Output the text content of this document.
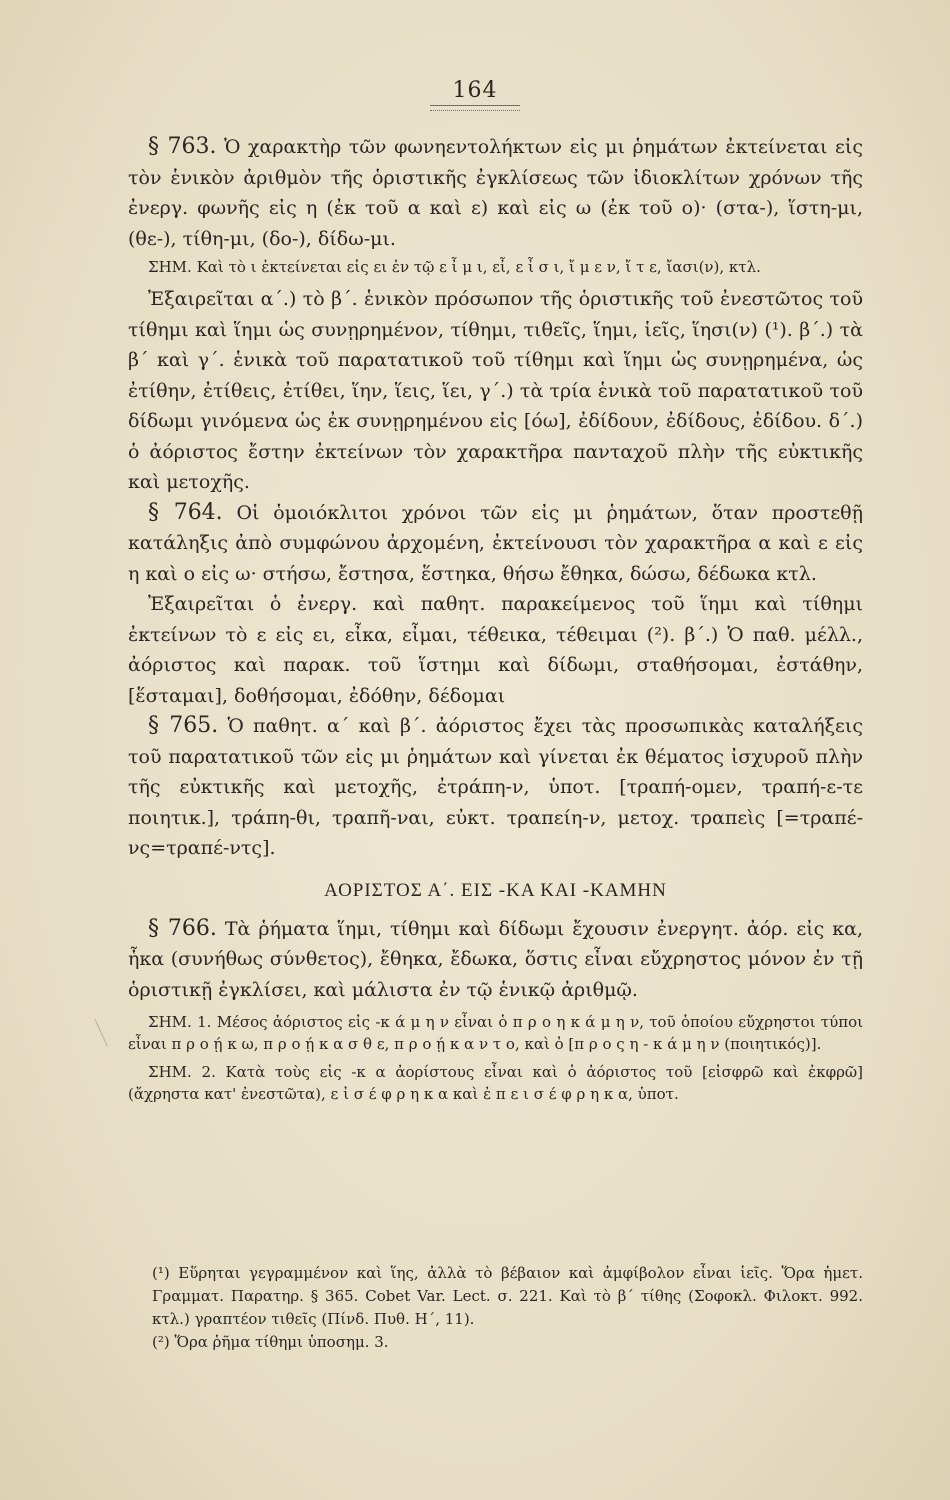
164

§ 763. Ὁ χαρακτὴρ τῶν φωνηεντολήκτων εἰς μι ῥημάτων ἐκτείνεται εἰς τὸν ἑνικὸν ἀριθμὸν τῆς ὁριστικῆς ἐγκλίσεως τῶν ἰδιοκλίτων χρόνων τῆς ἐνεργ. φωνῆς εἰς η (ἐκ τοῦ α καὶ ε) καὶ εἰς ω (ἐκ τοῦ ο)· (στα-), ἵστη-μι, (θε-), τίθη-μι, (δο-), δίδω-μι.

ΣΗΜ. Καὶ τὸ ι ἐκτείνεται εἰς ει ἐν τῷ ε ἶ μ ι, εἶ, ε ἶ σ ι, ἴ μ ε ν, ἴ τ ε, ἴασι(ν), κτλ.

Ἐξαιρεῖται α΄.) τὸ β΄. ἑνικὸν πρόσωπον τῆς ὁριστικῆς τοῦ ἐνεστῶτος τοῦ τίθημι καὶ ἵημι ὡς συνῃρημένον, τίθημι, τιθεῖς, ἵημι, ἱεῖς, ἵησι(ν) (¹). β΄.) τὰ β΄ καὶ γ΄. ἑνικὰ τοῦ παρατατικοῦ τοῦ τίθημι καὶ ἵημι ὡς συνῃρημένα, ὡς ἐτίθην, ἐτίθεις, ἐτίθει, ἵην, ἵεις, ἵει, γ΄.) τὰ τρία ἑνικὰ τοῦ παρατατικοῦ τοῦ δίδωμι γινόμενα ὡς ἐκ συνῃρημένου εἰς [όω], ἐδίδουν, ἐδίδους, ἐδίδου. δ΄.) ὁ ἀόριστος ἔστην ἐκτείνων τὸν χαρακτῆρα πανταχοῦ πλὴν τῆς εὐκτικῆς καὶ μετοχῆς.

§ 764. Οἱ ὁμοιόκλιτοι χρόνοι τῶν εἰς μι ῥημάτων, ὅταν προστεθῇ κατάληξις ἀπὸ συμφώνου ἀρχομένη, ἐκτείνουσι τὸν χαρακτῆρα α καὶ ε εἰς η καὶ ο εἰς ω· στήσω, ἔστησα, ἕστηκα, θήσω ἔθηκα, δώσω, δέδωκα κτλ.

Ἐξαιρεῖται ὁ ἐνεργ. καὶ παθητ. παρακείμενος τοῦ ἵημι καὶ τίθημι ἐκτείνων τὸ ε εἰς ει, εἶκα, εἶμαι, τέθεικα, τέθειμαι (²). β΄.) Ὁ παθ. μέλλ., ἀόριστος καὶ παρακ. τοῦ ἵστημι καὶ δίδωμι, σταθήσομαι, ἐστάθην, [ἕσταμαι], δοθήσομαι, ἐδόθην, δέδομαι

§ 765. Ὁ παθητ. α΄ καὶ β΄. ἀόριστος ἔχει τὰς προσωπικὰς καταλήξεις τοῦ παρατατικοῦ τῶν εἰς μι ῥημάτων καὶ γίνεται ἐκ θέματος ἰσχυροῦ πλὴν τῆς εὐκτικῆς καὶ μετοχῆς, ἐτράπη-ν, ὑποτ. [τραπή-ομεν, τραπή-ε-τε ποιητικ.], τράπη-θι, τραπῆ-ναι, εὐκτ. τραπείη-ν, μετοχ. τραπεὶς [=τραπέ-νς=τραπέ-ντς].

ΑΟΡΙΣΤΟΣ Α΄. ΕΙΣ -ΚΑ ΚΑΙ -ΚΑΜΗΝ

§ 766. Τὰ ῥήματα ἵημι, τίθημι καὶ δίδωμι ἔχουσιν ἐνεργητ. ἀόρ. εἰς κα, ἧκα (συνήθως σύνθετος), ἔθηκα, ἔδωκα, ὅστις εἶναι εὔχρηστος μόνον ἐν τῇ ὁριστικῇ ἐγκλίσει, καὶ μάλιστα ἐν τῷ ἑνικῷ ἀριθμῷ.

ΣΗΜ. 1. Μέσος ἀόριστος εἰς -κ ά μ η ν εἶναι ὁ π ρ ο η κ ά μ η ν, τοῦ ὁποίου εὔχρηστοι τύποι εἶναι π ρ ο ῄ κ ω, π ρ ο ῄ κ α σ θ ε, π ρ ο ῄ κ α ν τ ο, καὶ ὁ [π ρ ο ς η - κ ά μ η ν (ποιητικός)].

ΣΗΜ. 2. Κατὰ τοὺς εἰς -κ α ἀορίστους εἶναι καὶ ὁ ἀόριστος τοῦ [εἰσφρῶ καὶ ἐκφρῶ] (ἄχρηστα κατ' ἐνεστῶτα), ε ἰ σ έ φ ρ η κ α καὶ ἐ π ε ι σ έ φ ρ η κ α, ὑποτ.

(¹) Εὕρηται γεγραμμένον καὶ ἵης, ἀλλὰ τὸ βέβαιον καὶ ἀμφίβολον εἶναι ἱεῖς. Ὅρα ἡμετ. Γραμματ. Παρατηρ. § 365. Cobet Var. Lect. σ. 221. Καὶ τὸ β΄ τίθης (Σοφοκλ. Φιλοκτ. 992. κτλ.) γραπτέον τιθεῖς (Πίνδ. Πυθ. Η΄, 11).

(²) Ὅρα ῥῆμα τίθημι ὑποσημ. 3.
